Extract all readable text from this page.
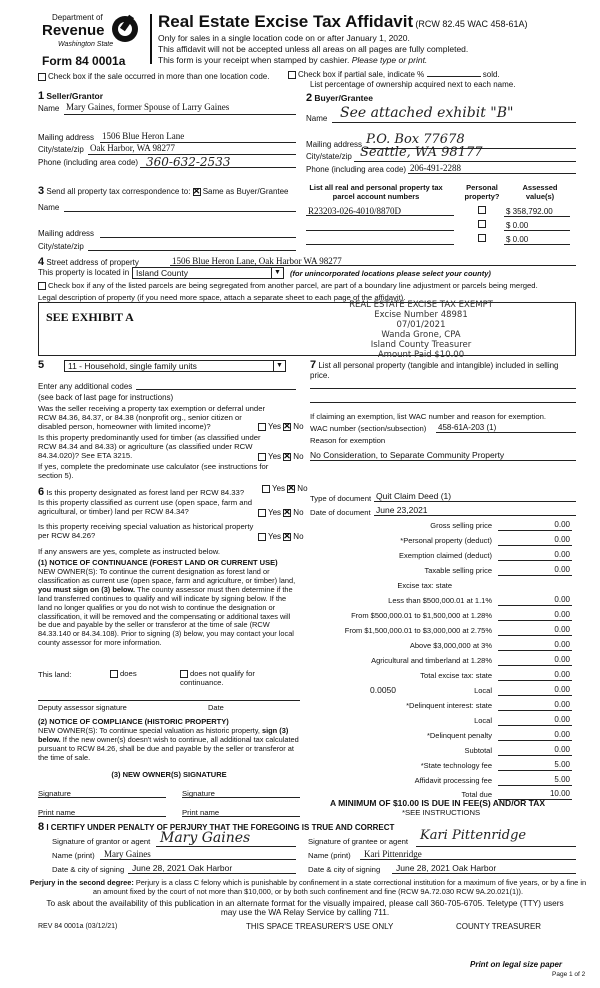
Department of
Revenue
Washington State
Form 84 0001a
Real Estate Excise Tax Affidavit (RCW 82.45 WAC 458-61A)
Only for sales in a single location code on or after January 1, 2020.
This affidavit will not be accepted unless all areas on all pages are fully completed.
This form is your receipt when stamped by cashier. Please type or print.
Check box if the sale occurred in more than one location code.	Check box if partial sale, indicate %	sold.
List percentage of ownership acquired next to each name.
1 Seller/Grantor
Name Mary Gaines, former Spouse of Larry Gaines
Mailing address 1506 Blue Heron Lane
City/state/zip Oak Harbor, WA 98277
Phone (including area code) 360-632-2533
2 Buyer/Grantee
Name See attached exhibit "B"
Mailing address P.O. Box 77678
City/state/zip Seattle, WA 98177
Phone (including area code) 206-491-2288
3 Send all property tax correspondence to: ✕ Same as Buyer/Grantee
Name
Mailing address
City/state/zip
List all real and personal property tax parcel account numbers
Personal property?
Assessed value(s)
R23203-026-4010/8870D	$ 358,792.00
$ 0.00
$ 0.00
4 Street address of property	1506 Blue Heron Lane, Oak Harbor WA 98277
This property is located in Island County	▼ (for unincorporated locations please select your county)
Check box if any of the listed parcels are being segregated from another parcel, are part of a boundary line adjustment or parcels being merged.
Legal description of property (if you need more space, attach a separate sheet to each page of the affidavit).
SEE EXHIBIT A
REAL ESTATE EXCISE TAX EXEMPT
Excise Number 48981
07/01/2021
Wanda Grone, CPA
Island County Treasurer
Amount Paid $10.00
5	11 - Household, single family units	▼
Enter any additional codes
(see back of last page for instructions)
Was the seller receiving a property tax exemption or deferral under RCW 84.36, 84.37, or 84.38 (nonprofit org., senior citizen or disabled person, homeowner with limited income)?	Yes ✕ No
Is this property predominantly used for timber (as classified under RCW 84.34 and 84.33) or agriculture (as classified under RCW 84.34.020)? See ETA 3215.	Yes ✕ No
If yes, complete the predominate use calculator (see instructions for section 5).
7 List all personal property (tangible and intangible) included in selling price.
If claiming an exemption, list WAC number and reason for exemption.
WAC number (section/subsection) 458-61A-203 (1)
Reason for exemption
No Consideration, to Separate Community Property
6 Is this property designated as forest land per RCW 84.33?	Yes ✕ No
Is this property classified as current use (open space, farm and agricultural, or timber) land per RCW 84.34?	Yes ✕ No
Is this property receiving special valuation as historical property per RCW 84.26?	Yes ✕ No
If any answers are yes, complete as instructed below.
(1) NOTICE OF CONTINUANCE (FOREST LAND OR CURRENT USE)
NEW OWNER(S): To continue the current designation as forest land or classification as current use (open space, farm and agriculture, or timber) land, you must sign on (3) below. The county assessor must then determine if the land transferred continues to qualify and will indicate by signing below. If the land no longer qualifies or you do not wish to continue the designation or classification, it will be removed and the compensating or additional taxes will be due and payable by the seller or transferor at the time of sale (RCW 84.33.140 or 84.34.108). Prior to signing (3) below, you may contact your local county assessor for more information.
This land:	does	does not qualify for continuance.
Deputy assessor signature	Date
(2) NOTICE OF COMPLIANCE (HISTORIC PROPERTY)
NEW OWNER(S): To continue special valuation as historic property, sign (3) below. If the new owner(s) doesn't wish to continue, all additional tax calculated pursuant to RCW 84.26, shall be due and payable by the seller or transferor at the time of sale.
(3) NEW OWNER(S) SIGNATURE
Signature	Signature
Print name	Print name
Type of document Quit Claim Deed (1)
Date of document June 23,2021
Gross selling price	0.00
*Personal property (deduct)	0.00
Exemption claimed (deduct)	0.00
Taxable selling price	0.00
Excise tax: state
Less than $500,000.01 at 1.1%	0.00
From $500,000.01 to $1,500,000 at 1.28%	0.00
From $1,500,000.01 to $3,000,000 at 2.75%	0.00
Above $3,000,000 at 3%	0.00
Agricultural and timberland at 1.28%	0.00
Total excise tax: state	0.00
Local	0.00
*Delinquent interest: state	0.00
Local	0.00
*Delinquent penalty	0.00
Subtotal	0.00
*State technology fee	5.00
Affidavit processing fee	5.00
Total due	10.00
0.0050
A MINIMUM OF $10.00 IS DUE IN FEE(S) AND/OR TAX
*SEE INSTRUCTIONS
8 I CERTIFY UNDER PENALTY OF PERJURY THAT THE FOREGOING IS TRUE AND CORRECT
Signature of grantor or agent Mary Gaines
Name (print) Mary Gaines
Date & city of signing June 28, 2021 Oak Harbor
Signature of grantee or agent Kari Pittenridge
Name (print) Kari Pittenridge
Date & city of signing June 28, 2021 Oak Harbor
Perjury in the second degree: Perjury is a class C felony which is punishable by confinement in a state correctional institution for a maximum of five years, or by a fine in an amount fixed by the court of not more than $10,000, or by both such confinement and fine (RCW 9A.72.030 RCW 9A.20.021(1)).
To ask about the availability of this publication in an alternate format for the visually impaired, please call 360-705-6705. Teletype (TTY) users may use the WA Relay Service by calling 711.
REV 84 0001a (03/12/21)	THIS SPACE TREASURER'S USE ONLY	COUNTY TREASURER
Print on legal size paper
Page 1 of 2
